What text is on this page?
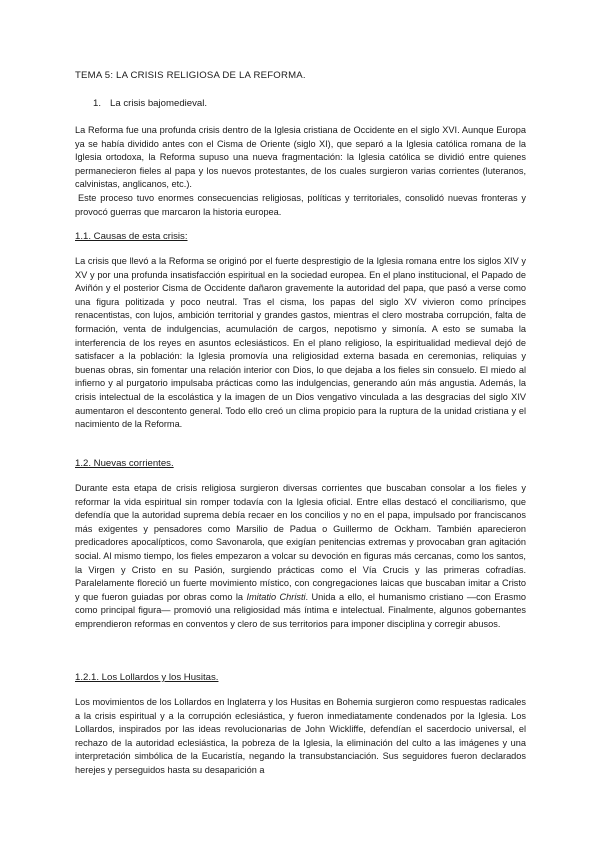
TEMA 5: LA CRISIS RELIGIOSA DE LA REFORMA.
1. La crisis bajomedieval.

La Reforma fue una profunda crisis dentro de la Iglesia cristiana de Occidente en el siglo XVI. Aunque Europa ya se había dividido antes con el Cisma de Oriente (siglo XI), que separó a la Iglesia católica romana de la Iglesia ortodoxa, la Reforma supuso una nueva fragmentación: la Iglesia católica se dividió entre quienes permanecieron fieles al papa y los nuevos protestantes, de los cuales surgieron varias corrientes (luteranos, calvinistas, anglicanos, etc.).

Este proceso tuvo enormes consecuencias religiosas, políticas y territoriales, consolidó nuevas fronteras y provocó guerras que marcaron la historia europea.

1.1. Causas de esta crisis:

La crisis que llevó a la Reforma se originó por el fuerte desprestigio de la Iglesia romana entre los siglos XIV y XV y por una profunda insatisfacción espiritual en la sociedad europea. En el plano institucional, el Papado de Aviñón y el posterior Cisma de Occidente dañaron gravemente la autoridad del papa, que pasó a verse como una figura politizada y poco neutral. Tras el cisma, los papas del siglo XV vivieron como príncipes renacentistas, con lujos, ambición territorial y grandes gastos, mientras el clero mostraba corrupción, falta de formación, venta de indulgencias, acumulación de cargos, nepotismo y simonía. A esto se sumaba la interferencia de los reyes en asuntos eclesiásticos. En el plano religioso, la espiritualidad medieval dejó de satisfacer a la población: la Iglesia promovía una religiosidad externa basada en ceremonias, reliquias y buenas obras, sin fomentar una relación interior con Dios, lo que dejaba a los fieles sin consuelo. El miedo al infierno y al purgatorio impulsaba prácticas como las indulgencias, generando aún más angustia. Además, la crisis intelectual de la escolástica y la imagen de un Dios vengativo vinculada a las desgracias del siglo XIV aumentaron el descontento general. Todo ello creó un clima propicio para la ruptura de la unidad cristiana y el nacimiento de la Reforma.

1.2. Nuevas corrientes.

Durante esta etapa de crisis religiosa surgieron diversas corrientes que buscaban consolar a los fieles y reformar la vida espiritual sin romper todavía con la Iglesia oficial. Entre ellas destacó el conciliarismo, que defendía que la autoridad suprema debía recaer en los concilios y no en el papa, impulsado por franciscanos más exigentes y pensadores como Marsilio de Padua o Guillermo de Ockham. También aparecieron predicadores apocalípticos, como Savonarola, que exigían penitencias extremas y provocaban gran agitación social. Al mismo tiempo, los fieles empezaron a volcar su devoción en figuras más cercanas, como los santos, la Virgen y Cristo en su Pasión, surgiendo prácticas como el Vía Crucis y las primeras cofradías. Paralelamente floreció un fuerte movimiento místico, con congregaciones laicas que buscaban imitar a Cristo y que fueron guiadas por obras como la Imitatio Christi. Unida a ello, el humanismo cristiano —con Erasmo como principal figura— promovió una religiosidad más íntima e intelectual. Finalmente, algunos gobernantes emprendieron reformas en conventos y clero de sus territorios para imponer disciplina y corregir abusos.

1.2.1. Los Lollardos y los Husitas.

Los movimientos de los Lollardos en Inglaterra y los Husitas en Bohemia surgieron como respuestas radicales a la crisis espiritual y a la corrupción eclesiástica, y fueron inmediatamente condenados por la Iglesia. Los Lollardos, inspirados por las ideas revolucionarias de John Wickliffe, defendían el sacerdocio universal, el rechazo de la autoridad eclesiástica, la pobreza de la Iglesia, la eliminación del culto a las imágenes y una interpretación simbólica de la Eucaristía, negando la transubstanciación. Sus seguidores fueron declarados herejes y perseguidos hasta su desaparición a
